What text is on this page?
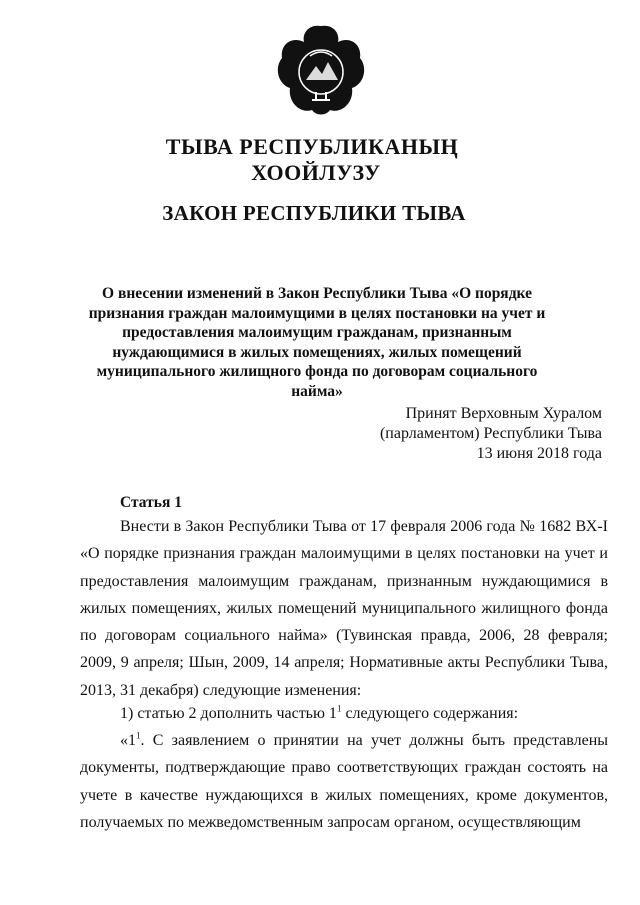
ТЫВА РЕСПУБЛИКАНЫҢ
ХООЙЛУЗУ
ЗАКОН РЕСПУБЛИКИ ТЫВА
О внесении изменений в Закон Республики Тыва «О порядке признания граждан малоимущими в целях постановки на учет и предоставления малоимущим гражданам, признанным нуждающимися в жилых помещениях, жилых помещений муниципального жилищного фонда по договорам социального найма»
Принят Верховным Хуралом
(парламентом) Республики Тыва
13 июня 2018 года
Статья 1

Внести в Закон Республики Тыва от 17 февраля 2006 года № 1682 ВХ-I «О порядке признания граждан малоимущими в целях постановки на учет и предоставления малоимущим гражданам, признанным нуждающимися в жилых помещениях, жилых помещений муниципального жилищного фонда по договорам социального найма» (Тувинская правда, 2006, 28 февраля; 2009, 9 апреля; Шын, 2009, 14 апреля; Нормативные акты Республики Тыва, 2013, 31 декабря) следующие изменения:

1) статью 2 дополнить частью $1^1$ следующего содержания:

«$1^1$. С заявлением о принятии на учет должны быть представлены документы, подтверждающие право соответствующих граждан состоять на учете в качестве нуждающихся в жилых помещениях, кроме документов, получаемых по межведомственным запросам органом, осуществляющим
